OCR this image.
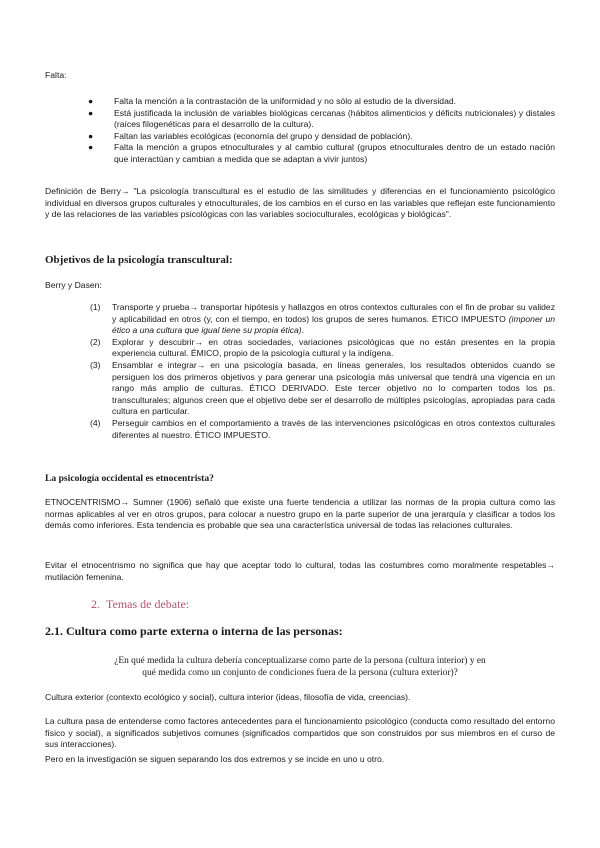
Falta:
● Falta la mención a la contrastación de la uniformidad y no sólo al estudio de la diversidad.
● Está justificada la inclusión de variables biológicas cercanas (hábitos alimenticios y déficits nutricionales) y distales (raíces filogenéticas para el desarrollo de la cultura).
● Faltan las variables ecológicas (economía del grupo y densidad de población).
● Falta la mención a grupos etnoculturales y al cambio cultural (grupos etnoculturales dentro de un estado nación que interactúan y cambian a medida que se adaptan a vivir juntos)

Definición de Berry→ "La psicología transcultural es el estudio de las similitudes y diferencias en el funcionamiento psicológico individual en diversos grupos culturales y etnoculturales, de los cambios en el curso en las variables que reflejan este funcionamiento y de las relaciones de las variables psicológicas con las variables socioculturales, ecológicas y biológicas".

Objetivos de la psicología transcultural:
Berry y Dasen:
(1) Transporte y prueba→ transportar hipótesis y hallazgos en otros contextos culturales con el fin de probar su validez y aplicabilidad en otros (y, con el tiempo, en todos) los grupos de seres humanos. ÉTICO IMPUESTO (imponer un ético a una cultura que igual tiene su propia ética).
(2) Explorar y descubrir→ en otras sociedades, variaciones psicológicas que no están presentes en la propia experiencia cultural. ÉMICO, propio de la psicología cultural y la indígena.
(3) Ensamblar e integrar→ en una psicología basada, en líneas generales, los resultados obtenidos cuando se persiguen los dos primeros objetivos y para generar una psicología más universal que tendrá una vigencia en un rango más amplio de culturas. ÉTICO DERIVADO. Este tercer objetivo no lo comparten todos los ps. transculturales; algunos creen que el objetivo debe ser el desarrollo de múltiples psicologías, apropiadas para cada cultura en particular.
(4) Perseguir cambios en el comportamiento a través de las intervenciones psicológicas en otros contextos culturales diferentes al nuestro. ÉTICO IMPUESTO.
La psicología occidental es etnocentrista?

ETNOCENTRISMO→ Sumner (1906) señaló que existe una fuerte tendencia a utilizar las normas de la propia cultura como las normas aplicables al ver en otros grupos, para colocar a nuestro grupo en la parte superior de una jerarquía y clasificar a todos los demás como inferiores. Esta tendencia es probable que sea una característica universal de todas las relaciones culturales.

Evitar el etnocentrismo no significa que hay que aceptar todo lo cultural, todas las costumbres como moralmente respetables→ mutilación femenina.

2. Temas de debate:
2.1. Cultura como parte externa o interna de las personas:

¿En qué medida la cultura debería conceptualizarse como parte de la persona (cultura interior) y en qué medida como un conjunto de condiciones fuera de la persona (cultura exterior)?

Cultura exterior (contexto ecológico y social), cultura interior (ideas, filosofía de vida, creencias).

La cultura pasa de entenderse como factores antecedentes para el funcionamiento psicológico (conducta como resultado del entorno físico y social), a significados subjetivos comunes (significados compartidos que son construidos por sus miembros en el curso de sus interacciones).

Pero en la investigación se siguen separando los dos extremos y se incide en uno u otro.
